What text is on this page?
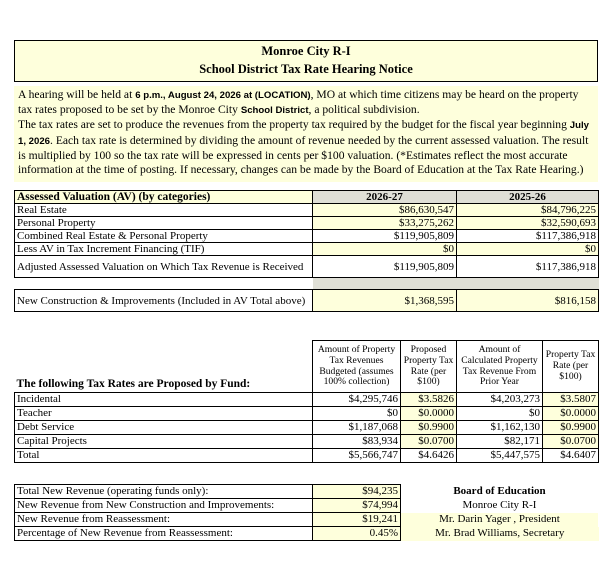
Monroe City R-I
School District Tax Rate Hearing Notice

A hearing will be held at 6 p.m., August 24, 2026 at (LOCATION), MO at which time citizens may be heard on the property tax rates proposed to be set by the Monroe City School District, a political subdivision.

The tax rates are set to produce the revenues from the property tax required by the budget for the fiscal year beginning July 1, 2026. Each tax rate is determined by dividing the amount of revenue needed by the current assessed valuation. The result is multiplied by 100 so the tax rate will be expressed in cents per $100 valuation. (*Estimates reflect the most accurate information at the time of posting. If necessary, changes can be made by the Board of Education at the Tax Rate Hearing.)

Assessed Valuation (AV) (by categories)	2026-27	2025-26
Real Estate	$86,630,547	$84,796,225
Personal Property	$33,275,262	$32,590,693
Combined Real Estate & Personal Property	$119,905,809	$117,386,918
Less AV in Tax Increment Financing (TIF)	$0	$0
Adjusted Assessed Valuation on Which Tax Revenue is Received	$119,905,809	$117,386,918

New Construction & Improvements (Included in AV Total above)	$1,368,595	$816,158
The following Tax Rates are Proposed by Fund:	Amount of Property Tax Revenues Budgeted (assumes 100% collection)	Proposed Property Tax Rate (per $100)	Amount of Calculated Property Tax Revenue From Prior Year	Property Tax Rate (per $100)
Incidental	$4,295,746	$3.5826	$4,203,273	$3.5807
Teacher	$0	$0.0000	$0	$0.0000
Debt Service	$1,187,068	$0.9900	$1,162,130	$0.9900
Capital Projects	$83,934	$0.0700	$82,171	$0.0700
Total	$5,566,747	$4.6426	$5,447,575	$4.6407
Total New Revenue (operating funds only):	$94,235	Board of Education
New Revenue from New Construction and Improvements:	$74,994	Monroe City R-I
New Revenue from Reassessment:	$19,241	Mr. Darin Yager , President
Percentage of New Revenue from Reassessment:	0.45%	Mr. Brad Williams, Secretary
